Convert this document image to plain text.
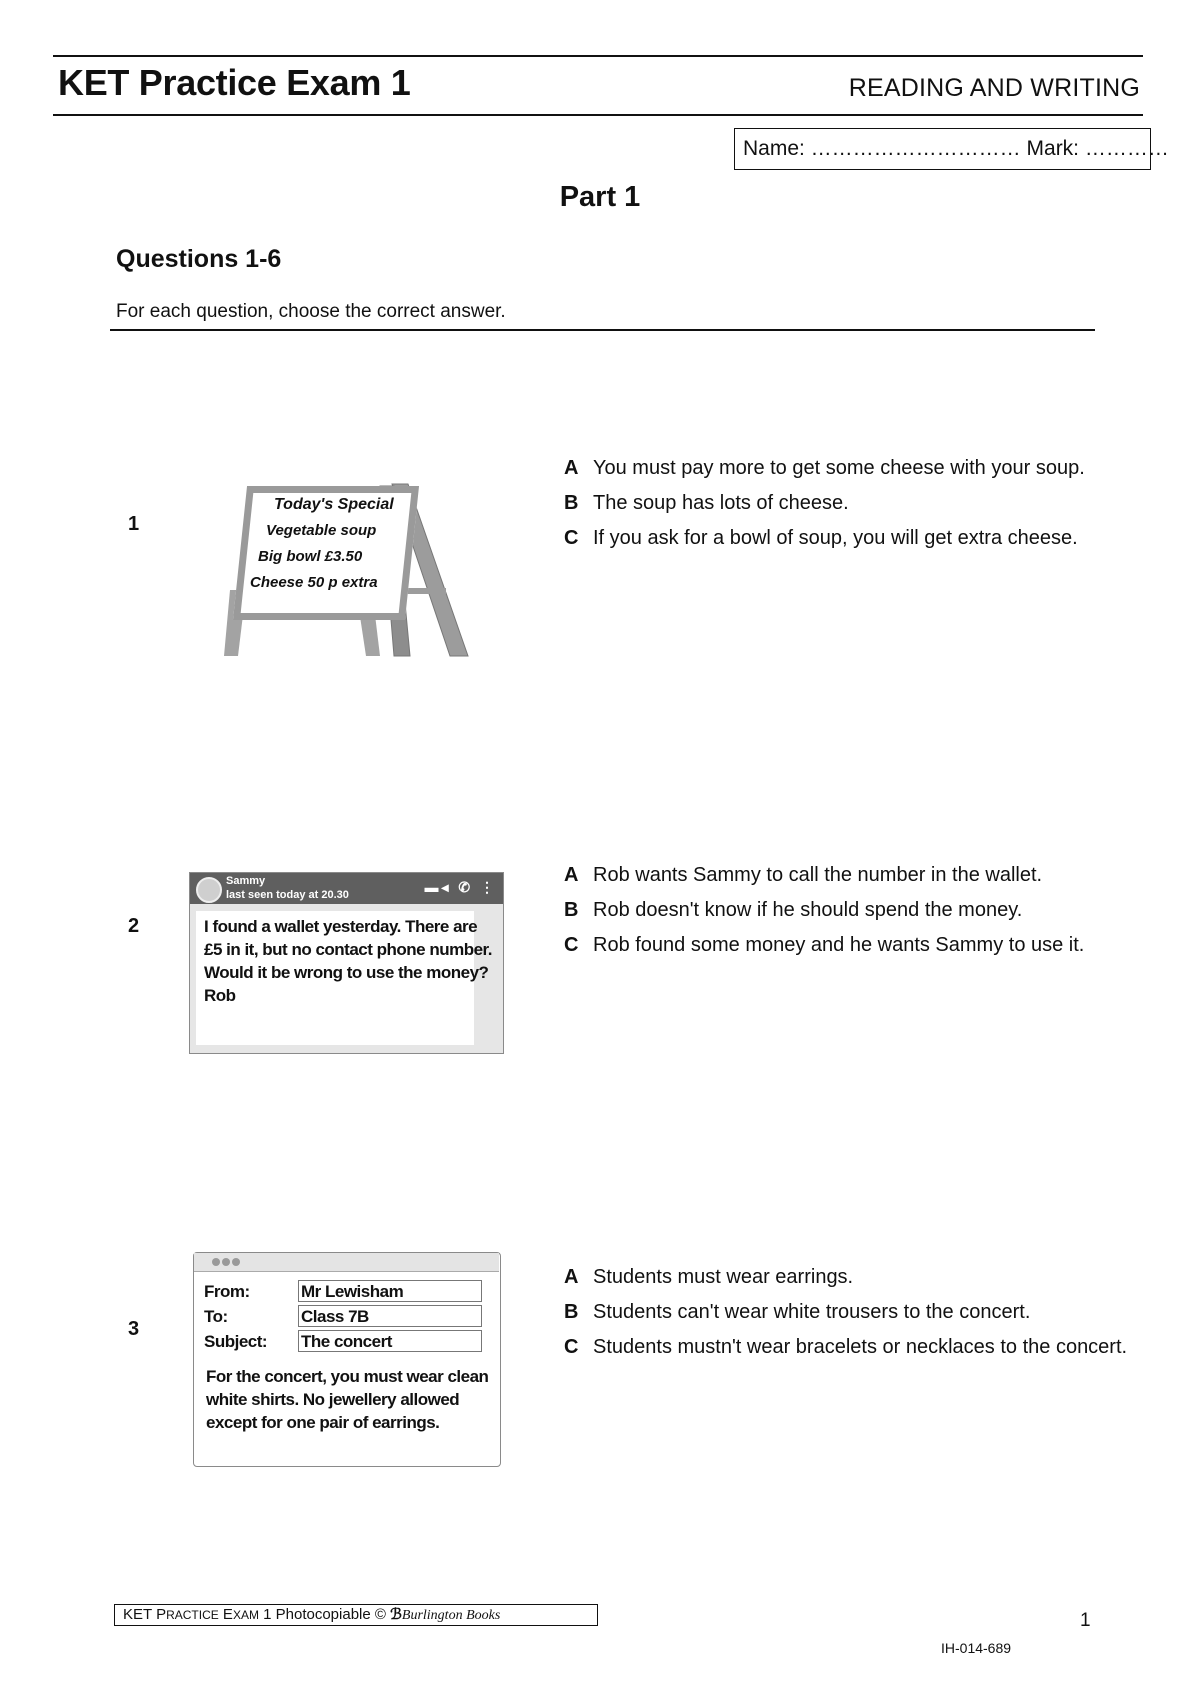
KET Practice Exam 1	READING AND WRITING
Name: ………………………… Mark: …………
Part 1
Questions 1-6
For each question, choose the correct answer.
1
Today's Special
Vegetable soup
Big bowl £3.50
Cheese 50 p extra
A You must pay more to get some cheese with your soup.
B The soup has lots of cheese.
C If you ask for a bowl of soup, you will get extra cheese.
2
Sammy
last seen today at 20.30	▬◂ ✆ ⋮
I found a wallet yesterday. There are £5 in it, but no contact phone number. Would it be wrong to use the money?
Rob
A Rob wants Sammy to call the number in the wallet.
B Rob doesn't know if he should spend the money.
C Rob found some money and he wants Sammy to use it.
3
From:	Mr Lewisham
To:	Class 7B
Subject: The concert
For the concert, you must wear clean white shirts. No jewellery allowed except for one pair of earrings.
A Students must wear earrings.
B Students can't wear white trousers to the concert.
C Students mustn't wear bracelets or necklaces to the concert.
KET PRACTICE EXAM 1 Photocopiable © ℬBurlington Books	1
IH-014-689
